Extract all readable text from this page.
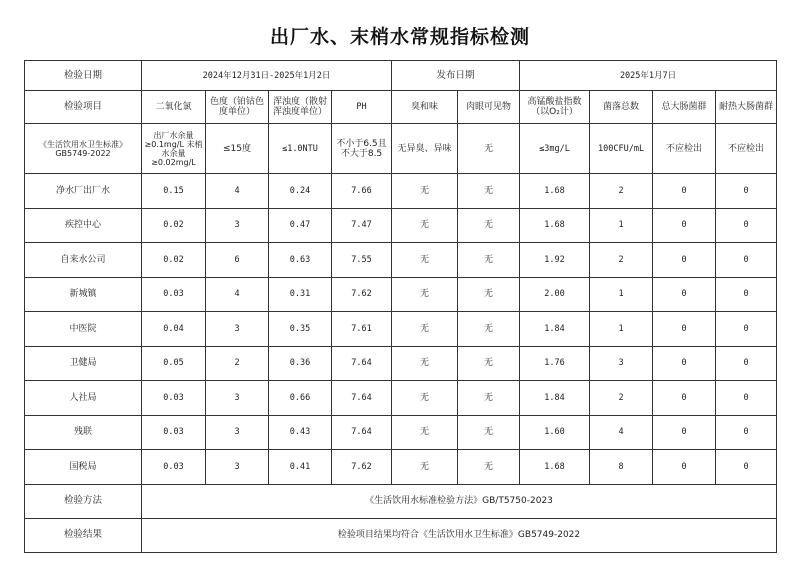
出厂水、末梢水常规指标检测
检验日期	2024年12月31日-2025年1月2日				发布日期		2025年1月7日			
检验项目	二氧化氯	色度（铂钴色度单位）	浑浊度（散射浑浊度单位）	PH	臭和味	肉眼可见物	高锰酸盐指数（以O₂计）	菌落总数	总大肠菌群	耐热大肠菌群
《生活饮用水卫生标准》GB5749-2022	出厂水余量≥0.1mg/L 末梢水余量≥0.02mg/L	≤15度	≤1.0NTU	不小于6.5且不大于8.5	无异臭、异味	无	≤3mg/L	100CFU/mL	不应检出	不应检出
净水厂出厂水	0.15	4	0.24	7.66	无	无	1.68	2	0	0
疾控中心	0.02	3	0.47	7.47	无	无	1.68	1	0	0
自来水公司	0.02	6	0.63	7.55	无	无	1.92	2	0	0
新城镇	0.03	4	0.31	7.62	无	无	2.00	1	0	0
中医院	0.04	3	0.35	7.61	无	无	1.84	1	0	0
卫健局	0.05	2	0.36	7.64	无	无	1.76	3	0	0
人社局	0.03	3	0.66	7.64	无	无	1.84	2	0	0
残联	0.03	3	0.43	7.64	无	无	1.60	4	0	0
国税局	0.03	3	0.41	7.62	无	无	1.68	8	0	0
检验方法	《生活饮用水标准检验方法》GB/T5750-2023									
检验结果	检验项目结果均符合《生活饮用水卫生标准》GB5749-2022									
